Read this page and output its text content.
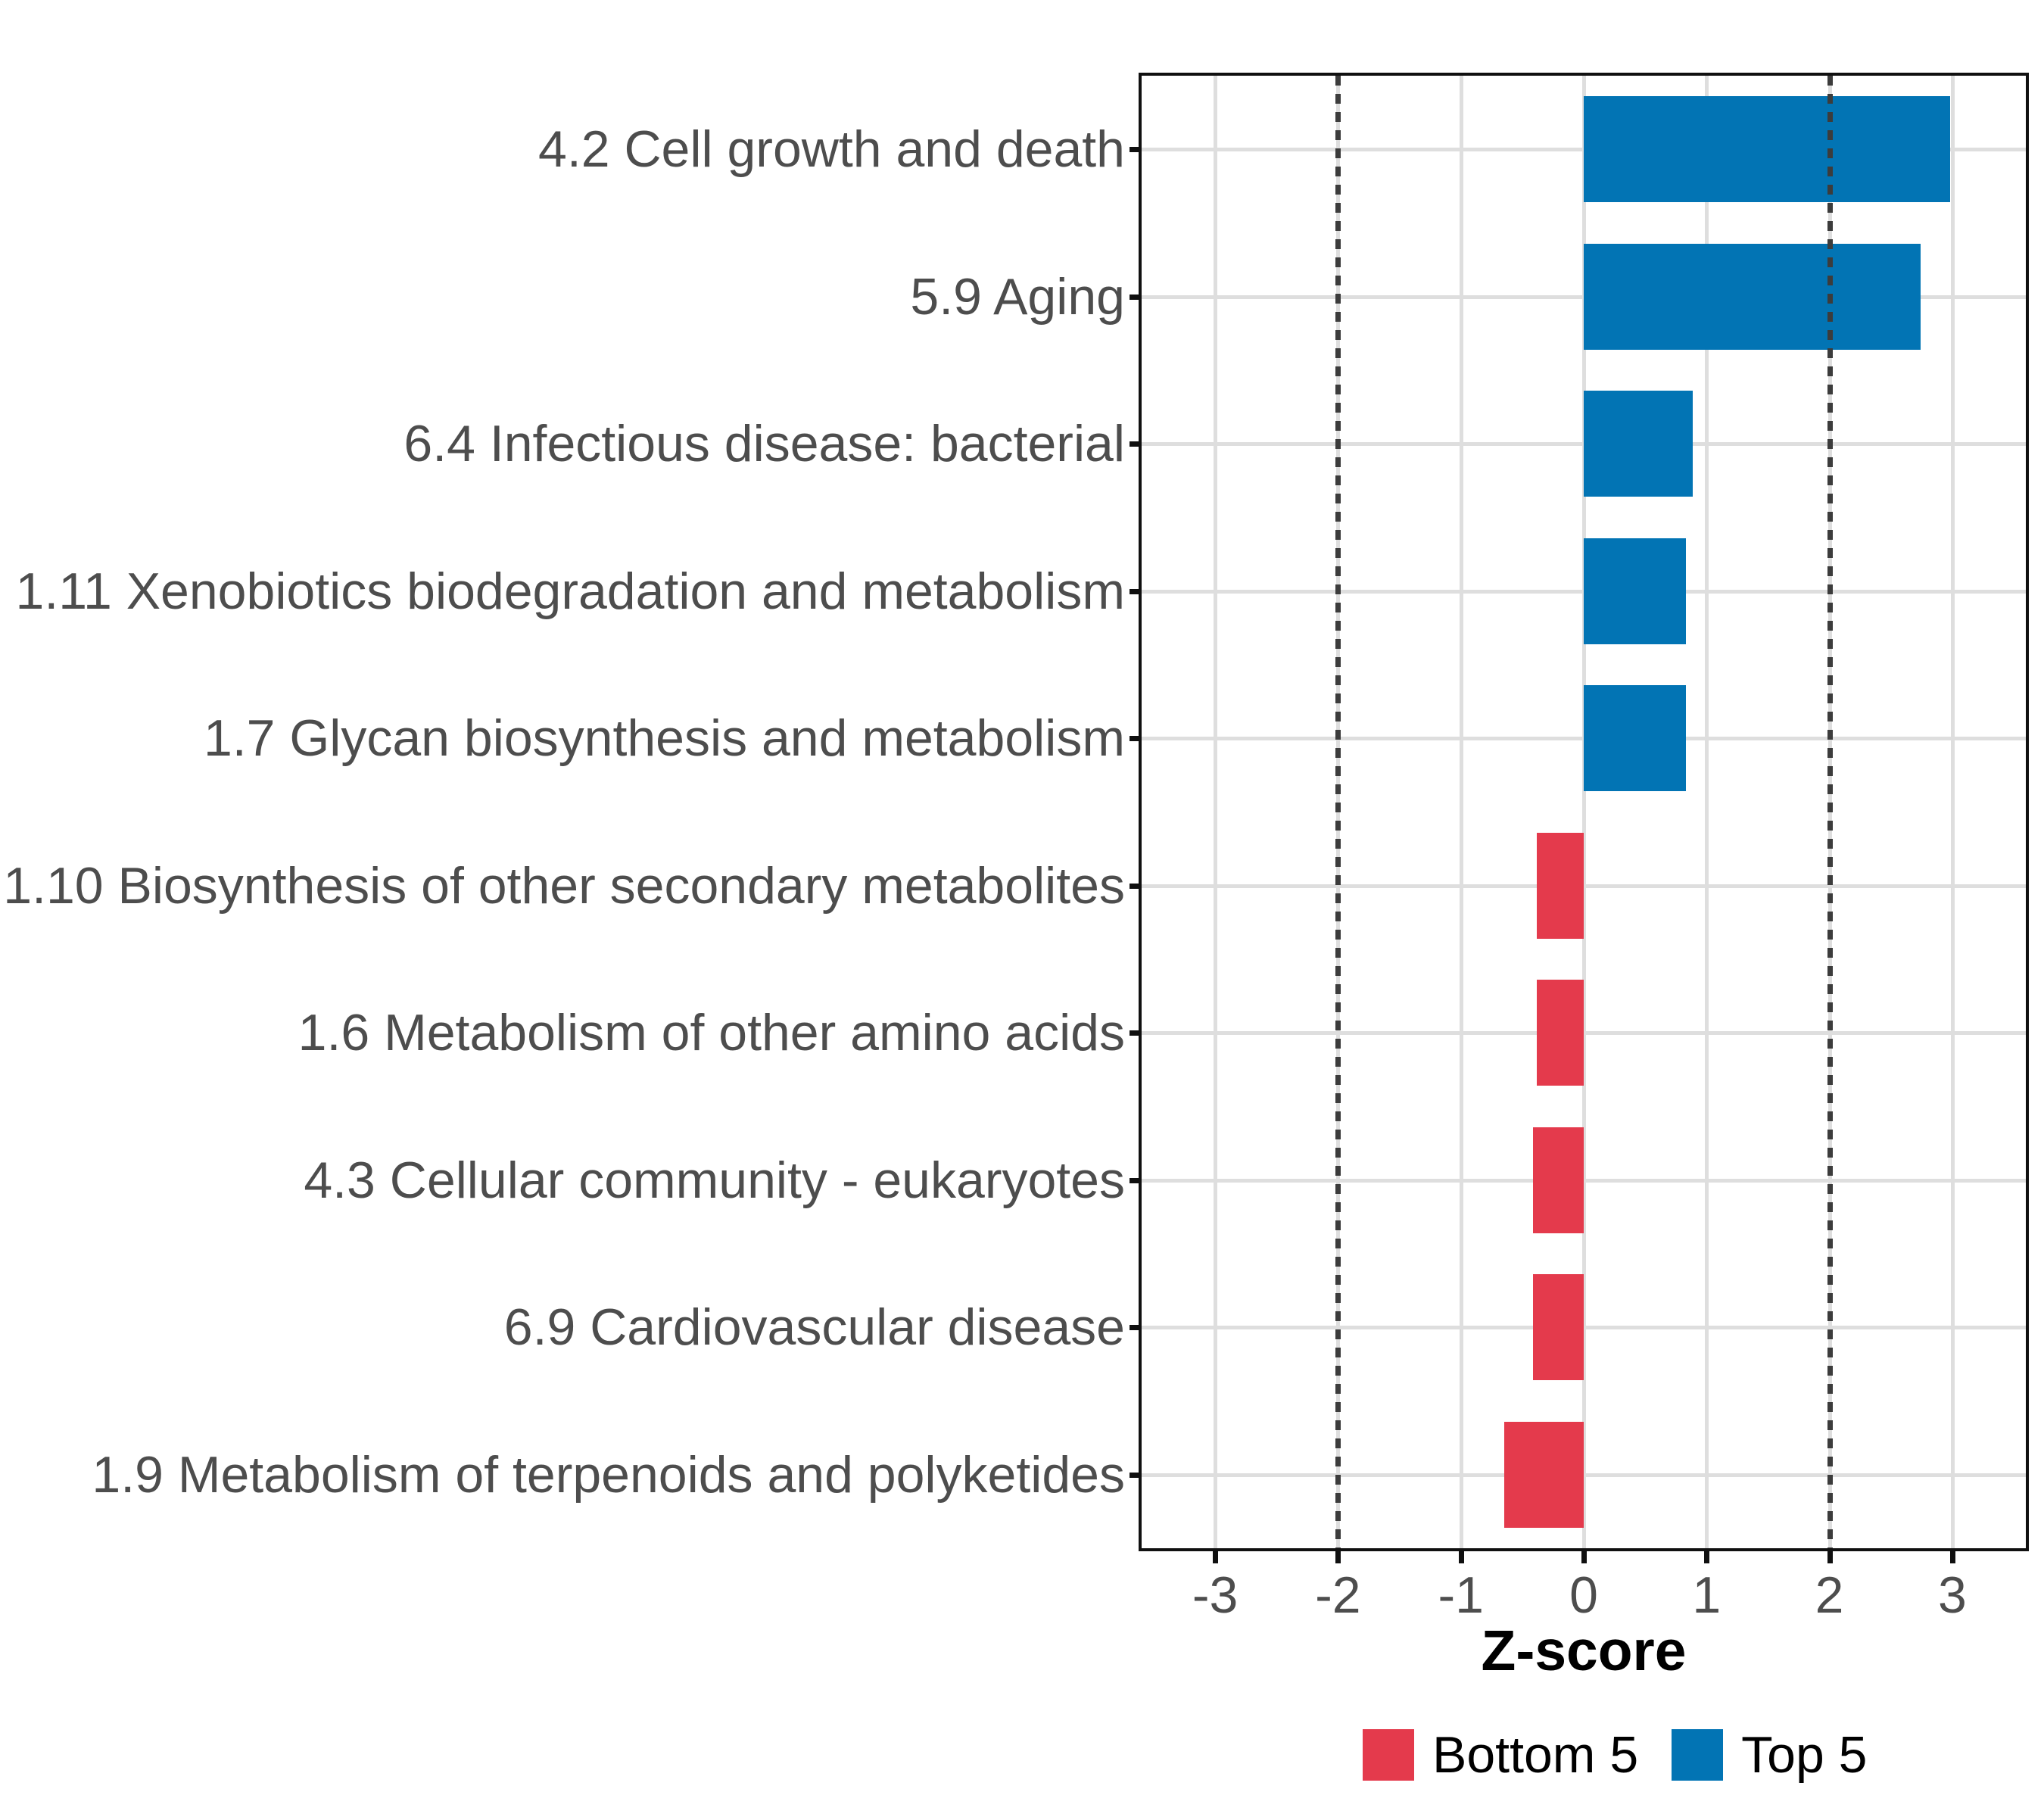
Z-score
Bottom 5 Top 5
4.2 Cell growth and death
5.9 Aging
6.4 Infectious disease: bacterial
1.11 Xenobiotics biodegradation and metabolism
1.7 Glycan biosynthesis and metabolism
1.10 Biosynthesis of other secondary metabolites
1.6 Metabolism of other amino acids
4.3 Cellular community - eukaryotes
6.9 Cardiovascular disease
1.9 Metabolism of terpenoids and polyketides
-3	-2	-1	0	1	2	3
